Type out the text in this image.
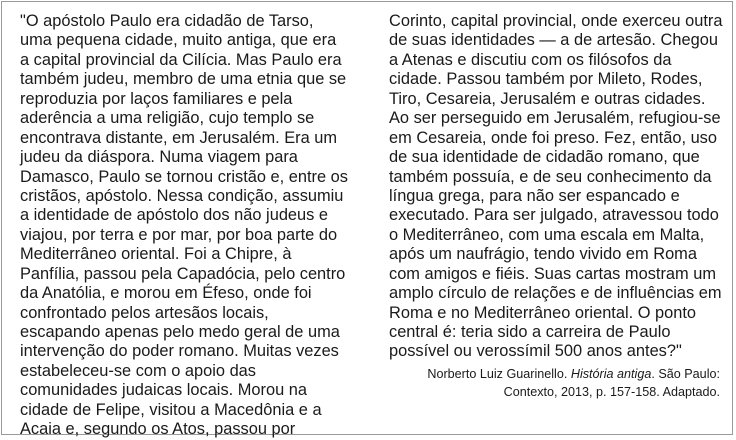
"O apóstolo Paulo era cidadão de Tarso,
uma pequena cidade, muito antiga, que era
a capital provincial da Cilícia. Mas Paulo era
também judeu, membro de uma etnia que se
reproduzia por laços familiares e pela
aderência a uma religião, cujo templo se
encontrava distante, em Jerusalém. Era um
judeu da diáspora. Numa viagem para
Damasco, Paulo se tornou cristão e, entre os
cristãos, apóstolo. Nessa condição, assumiu
a identidade de apóstolo dos não judeus e
viajou, por terra e por mar, por boa parte do
Mediterrâneo oriental. Foi a Chipre, à
Panfília, passou pela Capadócia, pelo centro
da Anatólia, e morou em Éfeso, onde foi
confrontado pelos artesãos locais,
escapando apenas pelo medo geral de uma
intervenção do poder romano. Muitas vezes
estabeleceu-se com o apoio das
comunidades judaicas locais. Morou na
cidade de Felipe, visitou a Macedônia e a
Acaia e, segundo os Atos, passou por
Corinto, capital provincial, onde exerceu outra
de suas identidades — a de artesão. Chegou
a Atenas e discutiu com os filósofos da
cidade. Passou também por Mileto, Rodes,
Tiro, Cesareia, Jerusalém e outras cidades.
Ao ser perseguido em Jerusalém, refugiou-se
em Cesareia, onde foi preso. Fez, então, uso
de sua identidade de cidadão romano, que
também possuía, e de seu conhecimento da
língua grega, para não ser espancado e
executado. Para ser julgado, atravessou todo
o Mediterrâneo, com uma escala em Malta,
após um naufrágio, tendo vivido em Roma
com amigos e fiéis. Suas cartas mostram um
amplo círculo de relações e de influências em
Roma e no Mediterrâneo oriental. O ponto
central é: teria sido a carreira de Paulo
possível ou verossímil 500 anos antes?"
Norberto Luiz Guarinello. História antiga. São Paulo:
Contexto, 2013, p. 157-158. Adaptado.
